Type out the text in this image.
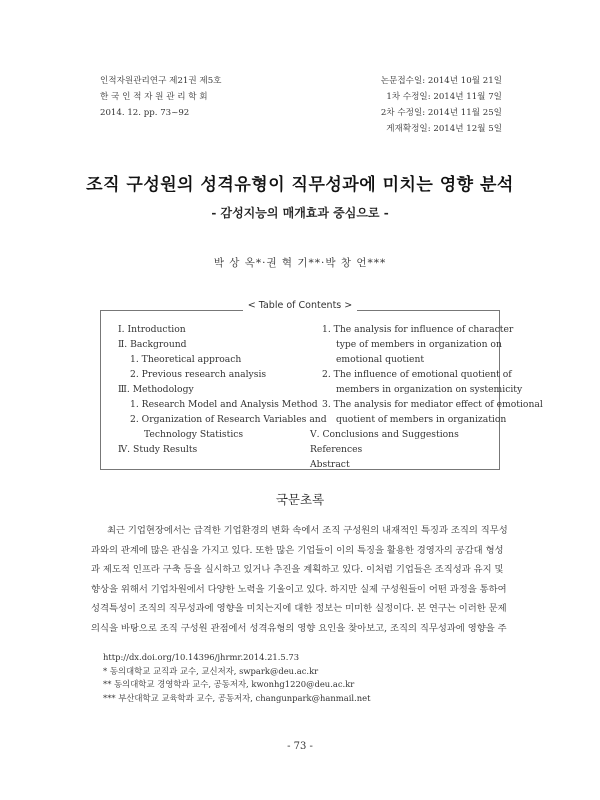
인적자원관리연구 제21권 제5호
한 국 인 적 자 원 관 리 학 회
2014. 12. pp. 73~92
논문접수일: 2014년 10월 21일
1차 수정일: 2014년 11월 7일
2차 수정일: 2014년 11월 25일
게재확정일: 2014년 12월 5일
조직 구성원의 성격유형이 직무성과에 미치는 영향 분석
- 감성지능의 매개효과 중심으로 -
박 상 옥*·권 혁 기**·박 창 언***
< Table of Contents >
Ⅰ. Introduction
Ⅱ. Background
1. Theoretical approach
2. Previous research analysis
Ⅲ. Methodology
1. Research Model and Analysis Method
2. Organization of Research Variables and
Technology Statistics
Ⅳ. Study Results
1. The analysis for influence of character
type of members in organization on
emotional quotient
2. The influence of emotional quotient of
members in organization on systemicity
3. The analysis for mediator effect of emotional
quotient of members in organization
Ⅴ. Conclusions and Suggestions
References
Abstract
국문초록
최근 기업현장에서는 급격한 기업환경의 변화 속에서 조직 구성원의 내재적인 특징과 조직의 직무성
과와의 관계에 많은 관심을 가지고 있다. 또한 많은 기업들이 이의 특징을 활용한 경영자의 공감대 형성
과 제도적 인프라 구축 등을 실시하고 있거나 추진을 계획하고 있다. 이처럼 기업들은 조직성과 유지 및
향상을 위해서 기업차원에서 다양한 노력을 기울이고 있다. 하지만 실제 구성원들이 어떤 과정을 통하여
성격특성이 조직의 직무성과에 영향을 미치는지에 대한 정보는 미미한 실정이다. 본 연구는 이러한 문제
의식을 바탕으로 조직 구성원 관점에서 성격유형의 영향 요인을 찾아보고, 조직의 직무성과에 영향을 주
http://dx.doi.org/10.14396/jhrmr.2014.21.5.73
* 동의대학교 교직과 교수, 교신저자, swpark@deu.ac.kr
** 동의대학교 경영학과 교수, 공동저자, kwonhg1220@deu.ac.kr
*** 부산대학교 교육학과 교수, 공동저자, changunpark@hanmail.net
- 73 -
